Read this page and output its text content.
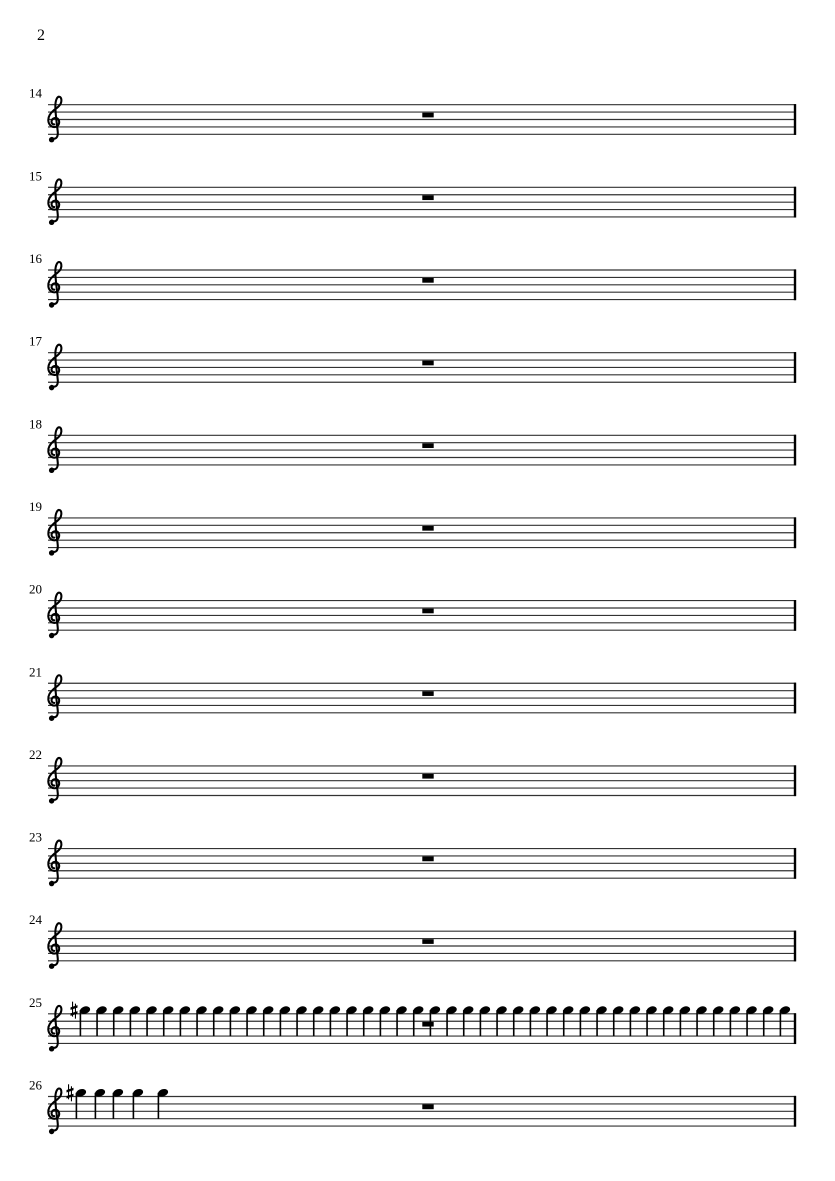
2
14
15
16
17
18
19
20
21
22
23
24
25
26
